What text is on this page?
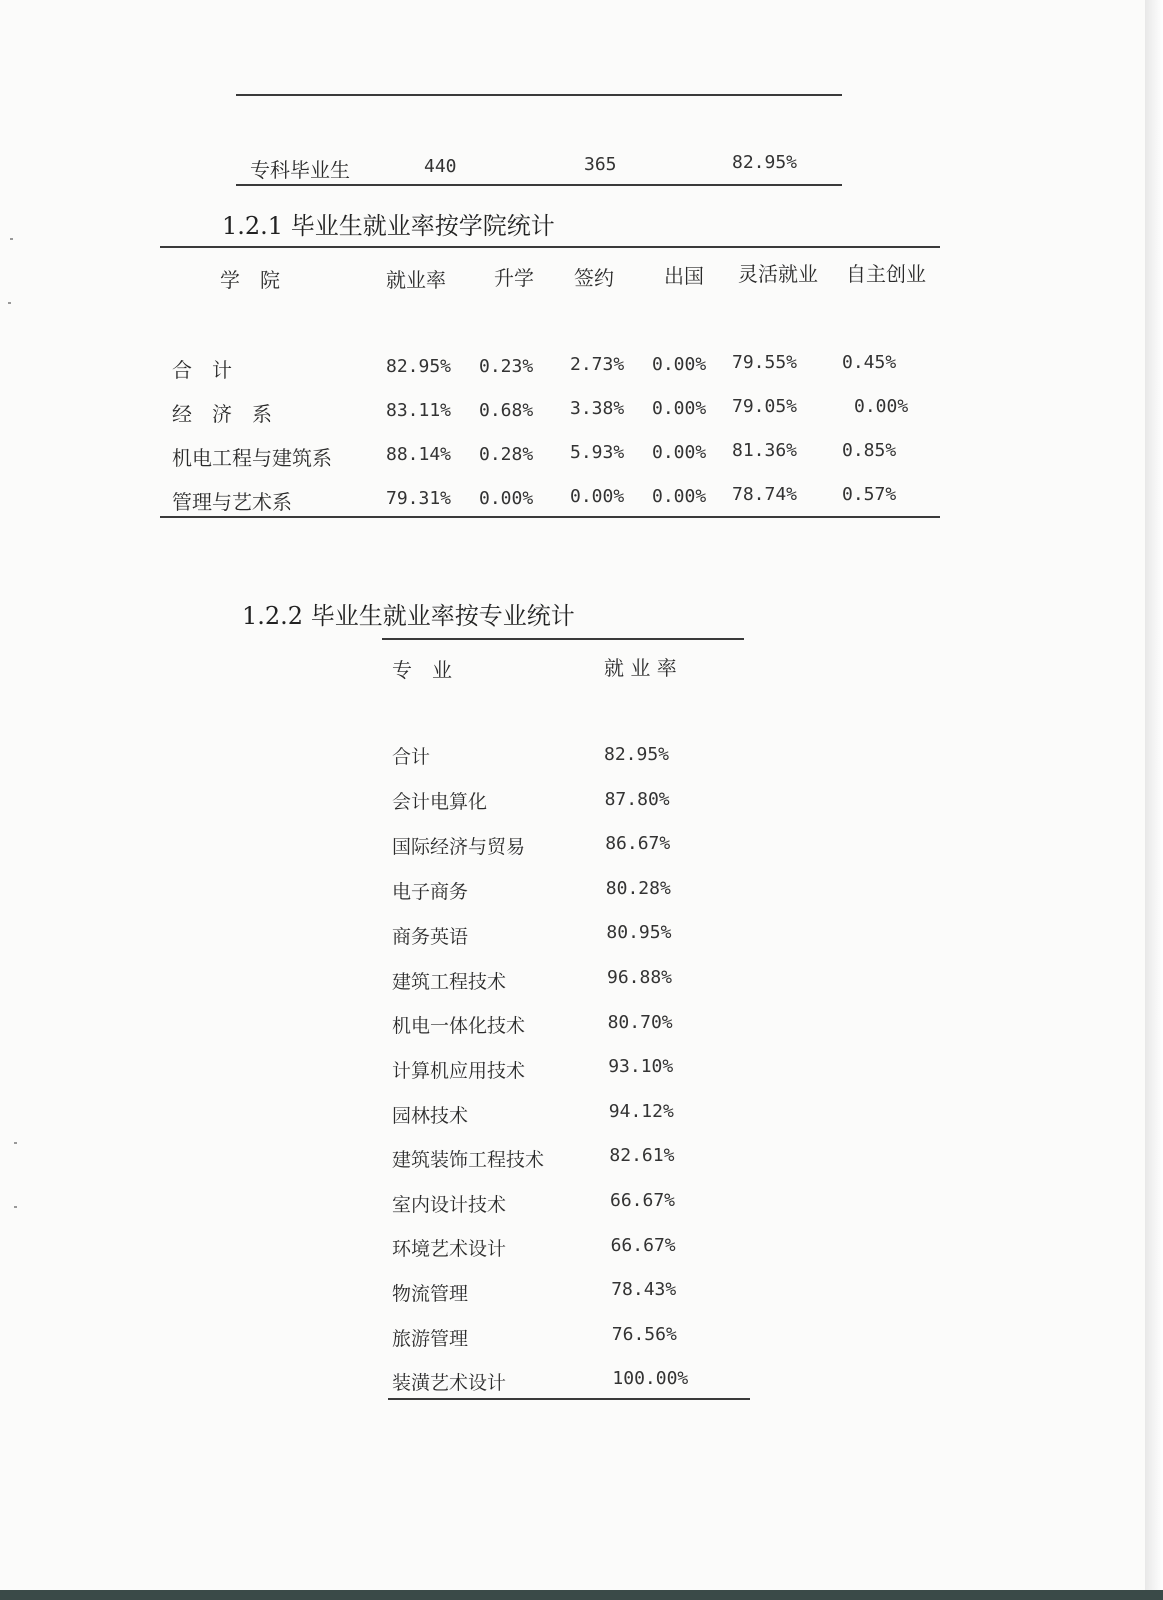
专科毕业生	440	365	82.95%
1.2.1 毕业生就业率按学院统计
学　院	就业率 升学 签约	出国 灵活就业 自主创业
合　计	82.95% 0.23% 2.73% 0.00% 79.55% 0.45%
经　济　系	83.11% 0.68% 3.38% 0.00% 79.05%	0.00%
机电工程与建筑系	88.14% 0.28% 5.93% 0.00% 81.36% 0.85%
管理与艺术系	79.31% 0.00% 0.00% 0.00% 78.74% 0.57%
1.2.2 毕业生就业率按专业统计
专　业	就 业 率
合计	82.95%
会计电算化	87.80%
国际经济与贸易	86.67%
电子商务	80.28%
商务英语	80.95%
建筑工程技术	96.88%
机电一体化技术	80.70%
计算机应用技术	93.10%
园林技术	94.12%
建筑装饰工程技术	82.61%
室内设计技术	66.67%
环境艺术设计	66.67%
物流管理	78.43%
旅游管理	76.56%
装潢艺术设计	100.00%
